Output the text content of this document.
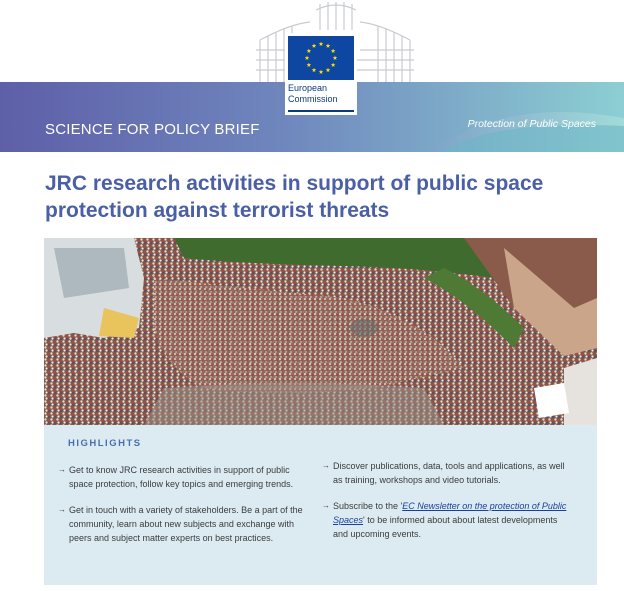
European
Commission
SCIENCE FOR POLICY BRIEF	Protection of Public Spaces
JRC research activities in support of public space protection against terrorist threats
HIGHLIGHTS
→ Get to know JRC research activities in support of public space protection, follow key topics and emerging trends.
→ Get in touch with a variety of stakeholders. Be a part of the community, learn about new subjects and exchange with peers and subject matter experts on best practices.
→ Discover publications, data, tools and applications, as well as training, workshops and video tutorials.
→ Subscribe to the 'EC Newsletter on the protection of Public Spaces' to be informed about about latest developments and upcoming events.
